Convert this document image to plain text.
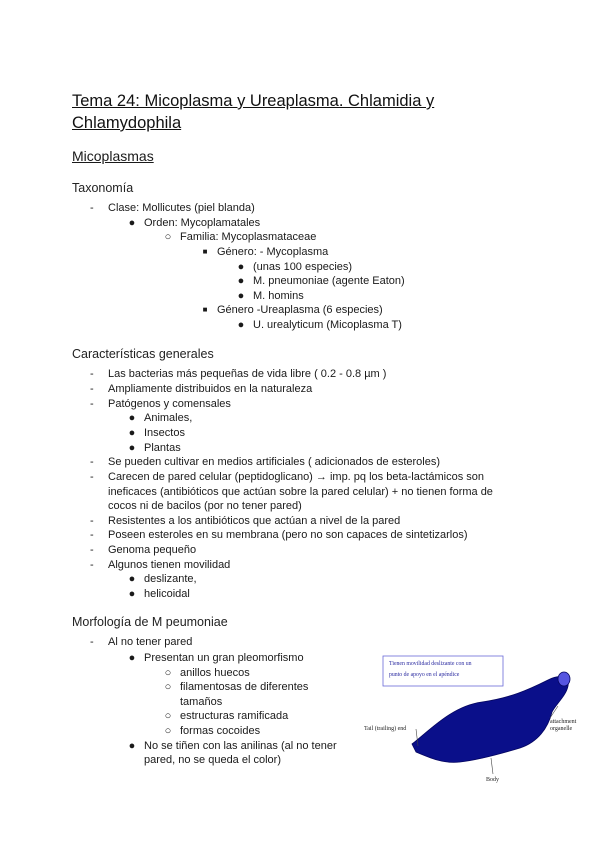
Tema 24: Micoplasma y Ureaplasma. Chlamidia y Chlamydophila
Micoplasmas
Taxonomía
- Clase: Mollicutes (piel blanda)
● Orden: Mycoplamatales
○ Familia: Mycoplasmataceae
■ Género: - Mycoplasma
● (unas 100 especies)
● M. pneumoniae (agente Eaton)
● M. homins
■ Género -Ureaplasma (6 especies)
● U. urealyticum (Micoplasma T)
Características generales
- Las bacterias más pequeñas de vida libre ( 0.2 - 0.8 µm )
- Ampliamente distribuidos en la naturaleza
- Patógenos y comensales
● Animales,
● Insectos
● Plantas
- Se pueden cultivar en medios artificiales ( adicionados de esteroles)
- Carecen de pared celular (peptidoglicano) → imp. pq los beta-lactámicos son
ineficaces (antibióticos que actúan sobre la pared celular) + no tienen forma de
cocos ni de bacilos (por no tener pared)
- Resistentes a los antibióticos que actúan a nivel de la pared
- Poseen esteroles en su membrana (pero no son capaces de sintetizarlos)
- Genoma pequeño
- Algunos tienen movilidad
● deslizante,
● helicoidal
Morfología de M peumoniae
- Al no tener pared
● Presentan un gran pleomorfismo
○ anillos huecos
○ filamentosas de diferentes
tamaños
○ estructuras ramificada
○ formas cocoides
● No se tiñen con las anilinas (al no tener
pared, no se queda el color)
Tienen movilidad deslizante con un
punto de apoyo en el apéndice
Tail (trailing) end
attachment
organelle
Body
